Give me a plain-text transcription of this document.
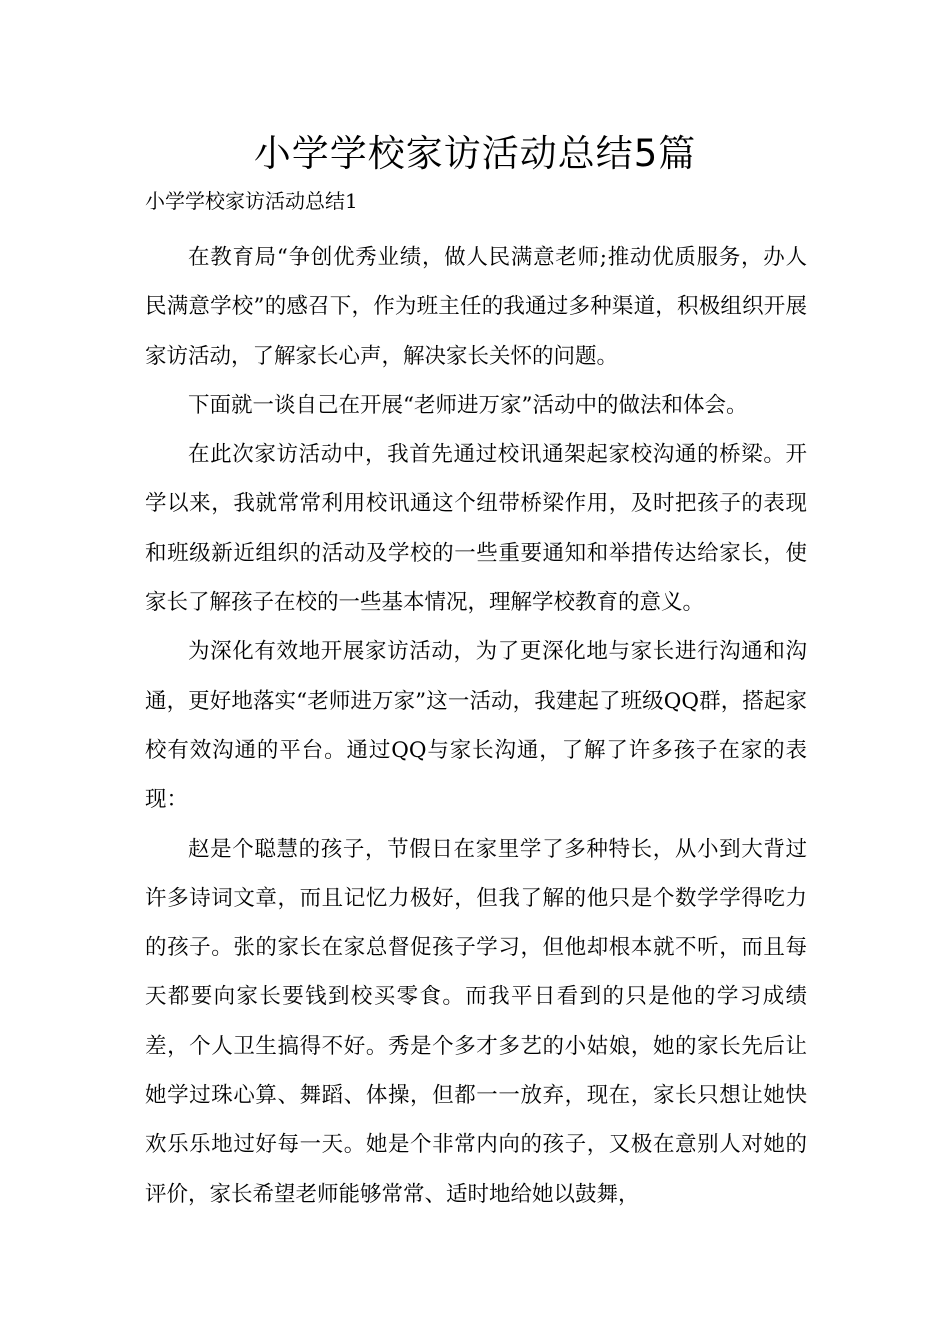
小学学校家访活动总结5篇
小学学校家访活动总结1

在教育局“争创优秀业绩，做人民满意老师;推动优质服务，办人民满意学校”的感召下，作为班主任的我通过多种渠道，积极组织开展家访活动，了解家长心声，解决家长关怀的问题。

下面就一谈自己在开展“老师进万家”活动中的做法和体会。

在此次家访活动中，我首先通过校讯通架起家校沟通的桥梁。开学以来，我就常常利用校讯通这个纽带桥梁作用，及时把孩子的表现和班级新近组织的活动及学校的一些重要通知和举措传达给家长，使家长了解孩子在校的一些基本情况，理解学校教育的意义。

为深化有效地开展家访活动，为了更深化地与家长进行沟通和沟通，更好地落实“老师进万家”这一活动，我建起了班级QQ群，搭起家校有效沟通的平台。通过QQ与家长沟通，了解了许多孩子在家的表现：

赵是个聪慧的孩子，节假日在家里学了多种特长，从小到大背过许多诗词文章，而且记忆力极好，但我了解的他只是个数学学得吃力的孩子。张的家长在家总督促孩子学习，但他却根本就不听，而且每天都要向家长要钱到校买零食。而我平日看到的只是他的学习成绩差，个人卫生搞得不好。秀是个多才多艺的小姑娘，她的家长先后让她学过珠心算、舞蹈、体操，但都一一放弃，现在，家长只想让她快欢乐乐地过好每一天。她是个非常内向的孩子，又极在意别人对她的评价，家长希望老师能够常常、适时地给她以鼓舞，
